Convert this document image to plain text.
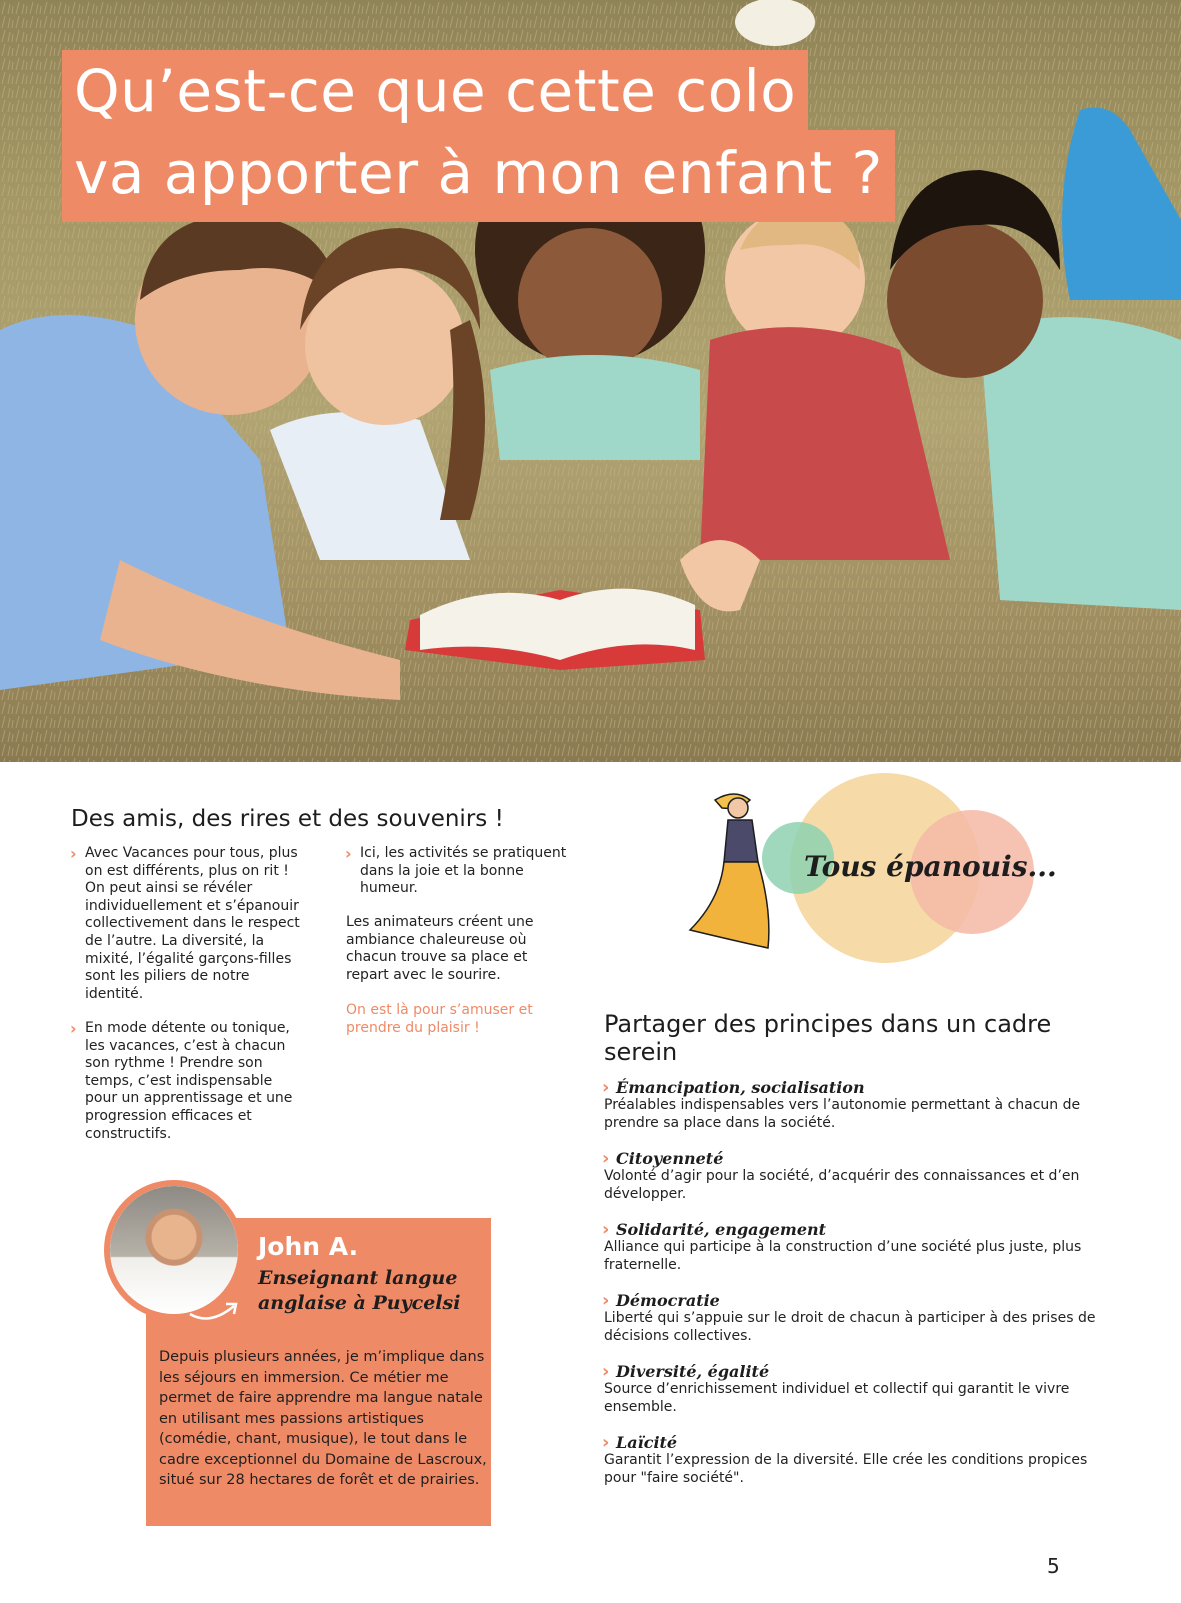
Qu’est-ce que cette colo
va apporter à mon enfant ?
Des amis, des rires et des souvenirs !
› Avec Vacances pour tous, plus on est différents, plus on rit ! On peut ainsi se révéler individuellement et s’épanouir collectivement dans le respect de l’autre. La diversité, la mixité, l’égalité garçons-filles sont les piliers de notre identité.
› En mode détente ou tonique, les vacances, c’est à chacun son rythme ! Prendre son temps, c’est indispensable pour un apprentissage et une progression efficaces et constructifs.
› Ici, les activités se pratiquent dans la joie et la bonne humeur.
Les animateurs créent une ambiance chaleureuse où chacun trouve sa place et repart avec le sourire.
On est là pour s’amuser et prendre du plaisir !
John A.
Enseignant langue anglaise à Puycelsi
Depuis plusieurs années, je m’implique dans les séjours en immersion. Ce métier me permet de faire apprendre ma langue natale en utilisant mes passions artistiques (comédie, chant, musique), le tout dans le cadre exceptionnel du Domaine de Lascroux, situé sur 28 hectares de forêt et de prairies.
Tous épanouis...
Partager des principes dans un cadre serein
› Émancipation, socialisation
Préalables indispensables vers l’autonomie permettant à chacun de prendre sa place dans la société.
› Citoyenneté
Volonté d’agir pour la société, d’acquérir des connaissances et d’en développer.
› Solidarité, engagement
Alliance qui participe à la construction d’une société plus juste, plus fraternelle.
› Démocratie
Liberté qui s’appuie sur le droit de chacun à participer à des prises de décisions collectives.
› Diversité, égalité
Source d’enrichissement individuel et collectif qui garantit le vivre ensemble.
› Laïcité
Garantit l’expression de la diversité. Elle crée les conditions propices pour "faire société".
5
